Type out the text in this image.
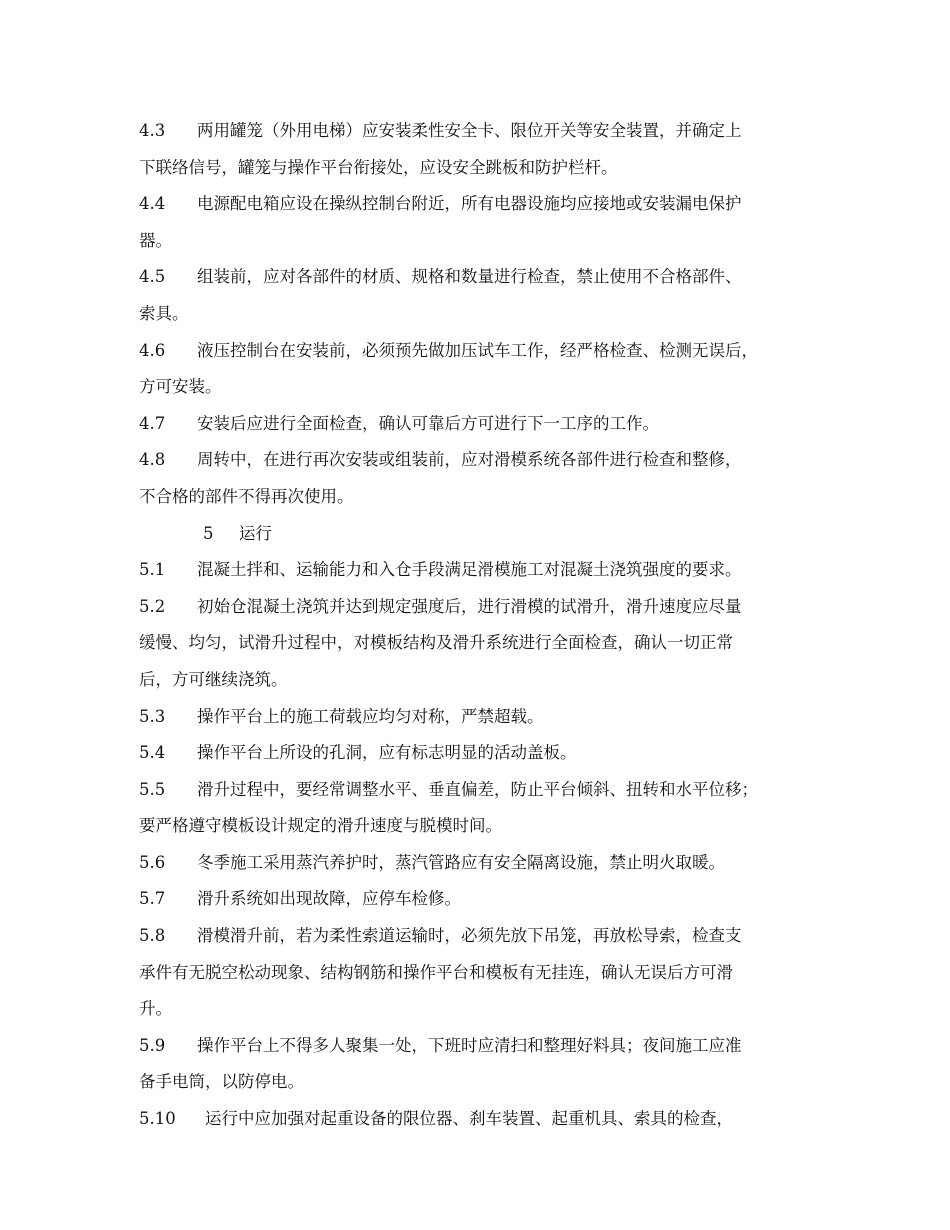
4.3 两用罐笼（外用电梯）应安装柔性安全卡、限位开关等安全装置，并确定上
下联络信号，罐笼与操作平台衔接处，应设安全跳板和防护栏杆。
4.4 电源配电箱应设在操纵控制台附近，所有电器设施均应接地或安装漏电保护
器。
4.5 组装前，应对各部件的材质、规格和数量进行检查，禁止使用不合格部件、
索具。
4.6 液压控制台在安装前，必须预先做加压试车工作，经严格检查、检测无误后，
方可安装。
4.7 安装后应进行全面检查，确认可靠后方可进行下一工序的工作。
4.8 周转中，在进行再次安装或组装前，应对滑模系统各部件进行检查和整修，
不合格的部件不得再次使用。
5 运行
5.1 混凝土拌和、运输能力和入仓手段满足滑模施工对混凝土浇筑强度的要求。
5.2 初始仓混凝土浇筑并达到规定强度后，进行滑模的试滑升，滑升速度应尽量
缓慢、均匀，试滑升过程中，对模板结构及滑升系统进行全面检查，确认一切正常
后，方可继续浇筑。
5.3 操作平台上的施工荷载应均匀对称，严禁超载。
5.4 操作平台上所设的孔洞，应有标志明显的活动盖板。
5.5 滑升过程中，要经常调整水平、垂直偏差，防止平台倾斜、扭转和水平位移；
要严格遵守模板设计规定的滑升速度与脱模时间。
5.6 冬季施工采用蒸汽养护时，蒸汽管路应有安全隔离设施，禁止明火取暖。
5.7 滑升系统如出现故障，应停车检修。
5.8 滑模滑升前，若为柔性索道运输时，必须先放下吊笼，再放松导索，检查支
承件有无脱空松动现象、结构钢筋和操作平台和模板有无挂连，确认无误后方可滑
升。
5.9 操作平台上不得多人聚集一处，下班时应清扫和整理好料具；夜间施工应准
备手电筒，以防停电。
5.10 运行中应加强对起重设备的限位器、刹车装置、起重机具、索具的检查，
